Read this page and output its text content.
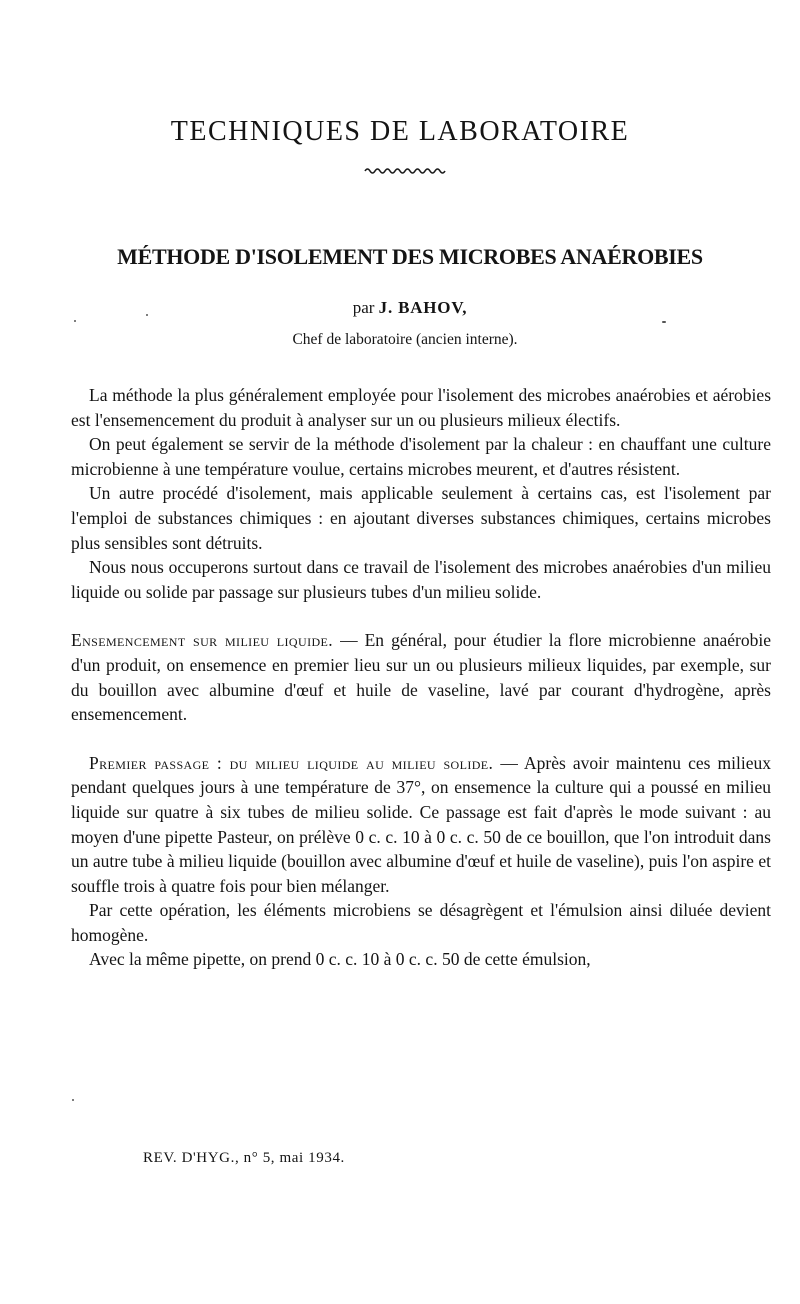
TECHNIQUES DE LABORATOIRE
MÉTHODE D'ISOLEMENT DES MICROBES ANAÉROBIES
par J. BAHOV,
Chef de laboratoire (ancien interne).

La méthode la plus généralement employée pour l'isolement des microbes anaérobies et aérobies est l'ensemencement du produit à analyser sur un ou plusieurs milieux électifs.

On peut également se servir de la méthode d'isolement par la chaleur : en chauffant une culture microbienne à une température voulue, certains microbes meurent, et d'autres résistent.

Un autre procédé d'isolement, mais applicable seulement à certains cas, est l'isolement par l'emploi de substances chimiques : en ajoutant diverses substances chimiques, certains microbes plus sensibles sont détruits.

Nous nous occuperons surtout dans ce travail de l'isolement des microbes anaérobies d'un milieu liquide ou solide par passage sur plusieurs tubes d'un milieu solide.

Ensemencement sur milieu liquide. — En général, pour étudier la flore microbienne anaérobie d'un produit, on ensemence en premier lieu sur un ou plusieurs milieux liquides, par exemple, sur du bouillon avec albumine d'œuf et huile de vaseline, lavé par courant d'hydrogène, après ensemencement.

Premier passage : du milieu liquide au milieu solide. — Après avoir maintenu ces milieux pendant quelques jours à une température de 37°, on ensemence la culture qui a poussé en milieu liquide sur quatre à six tubes de milieu solide. Ce passage est fait d'après le mode suivant : au moyen d'une pipette Pasteur, on prélève 0 c. c. 10 à 0 c. c. 50 de ce bouillon, que l'on introduit dans un autre tube à milieu liquide (bouillon avec albumine d'œuf et huile de vaseline), puis l'on aspire et souffle trois à quatre fois pour bien mélanger.

Par cette opération, les éléments microbiens se désagrègent et l'émulsion ainsi diluée devient homogène.

Avec la même pipette, on prend 0 c. c. 10 à 0 c. c. 50 de cette émulsion,

REV. D'HYG., n° 5, mai 1934.
